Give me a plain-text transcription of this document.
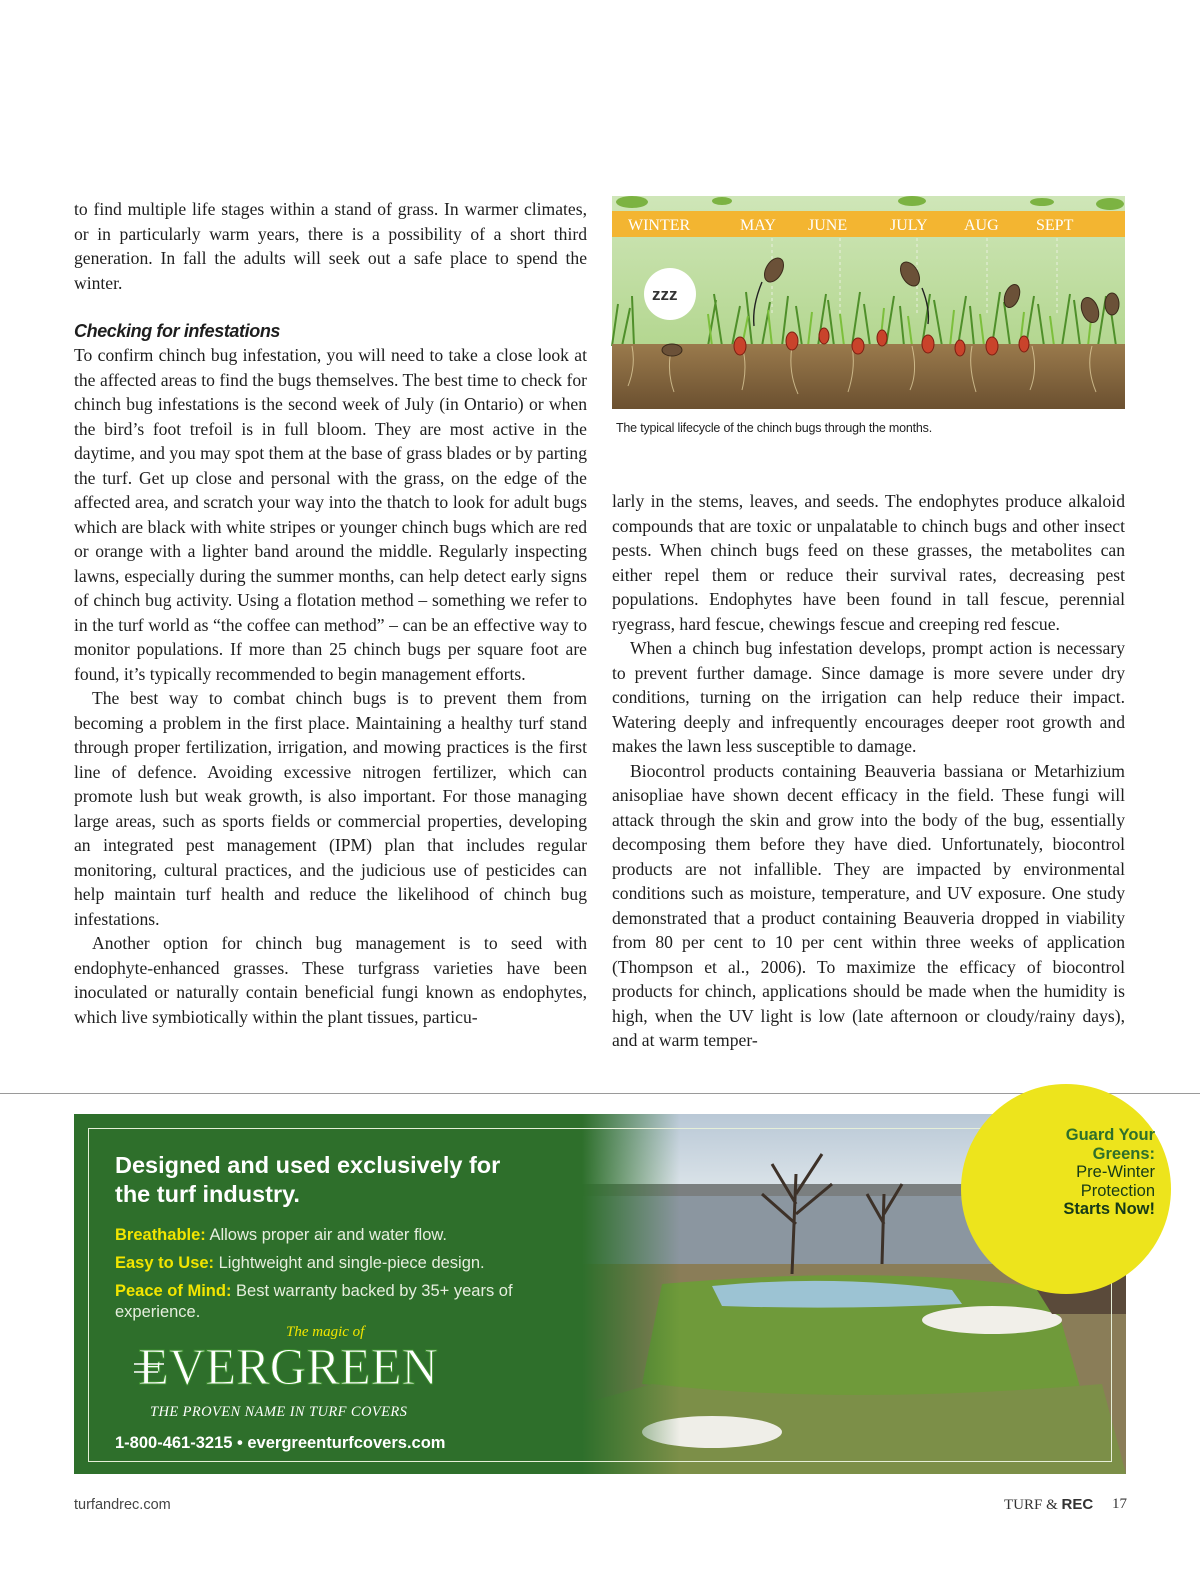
to find multiple life stages within a stand of grass. In warmer climates, or in particularly warm years, there is a possibility of a short third generation. In fall the adults will seek out a safe place to spend the winter.

Checking for infestations

To confirm chinch bug infestation, you will need to take a close look at the affected areas to find the bugs themselves. The best time to check for chinch bug infestations is the second week of July (in Ontario) or when the bird’s foot trefoil is in full bloom. They are most active in the daytime, and you may spot them at the base of grass blades or by parting the turf. Get up close and personal with the grass, on the edge of the affected area, and scratch your way into the thatch to look for adult bugs which are black with white stripes or younger chinch bugs which are red or orange with a lighter band around the middle. Regularly inspecting lawns, especially during the summer months, can help detect early signs of chinch bug activity. Using a flotation method – something we refer to in the turf world as “the coffee can method” – can be an effective way to monitor populations. If more than 25 chinch bugs per square foot are found, it’s typically recommended to begin management efforts.

The best way to combat chinch bugs is to prevent them from becoming a problem in the first place. Maintaining a healthy turf stand through proper fertilization, irrigation, and mowing practices is the first line of defence. Avoiding excessive nitrogen fertilizer, which can promote lush but weak growth, is also important. For those managing large areas, such as sports fields or commercial properties, developing an integrated pest management (IPM) plan that includes regular monitoring, cultural practices, and the judicious use of pesticides can help maintain turf health and reduce the likelihood of chinch bug infestations.

Another option for chinch bug management is to seed with endophyte-enhanced grasses. These turfgrass varieties have been inoculated or naturally contain beneficial fungi known as endophytes, which live symbiotically within the plant tissues, particu-

WINTER	MAY JUNE	JULY AUG SEPT
zzz
The typical lifecycle of the chinch bugs through the months.

larly in the stems, leaves, and seeds. The endophytes produce alkaloid compounds that are toxic or unpalatable to chinch bugs and other insect pests. When chinch bugs feed on these grasses, the metabolites can either repel them or reduce their survival rates, decreasing pest populations. Endophytes have been found in tall fescue, perennial ryegrass, hard fescue, chewings fescue and creeping red fescue.

When a chinch bug infestation develops, prompt action is necessary to prevent further damage. Since damage is more severe under dry conditions, turning on the irrigation can help reduce their impact. Watering deeply and infrequently encourages deeper root growth and makes the lawn less susceptible to damage.

Biocontrol products containing Beauveria bassiana or Metarhizium anisopliae have shown decent efficacy in the field. These fungi will attack through the skin and grow into the body of the bug, essentially decomposing them before they have died. Unfortunately, biocontrol products are not infallible. They are impacted by environmental conditions such as moisture, temperature, and UV exposure. One study demonstrated that a product containing Beauveria dropped in viability from 80 per cent to 10 per cent within three weeks of application (Thompson et al., 2006). To maximize the efficacy of biocontrol products for chinch, applications should be made when the humidity is high, when the UV light is low (late afternoon or cloudy/rainy days), and at warm temper-

Designed and used exclusively for the turf industry.
Breathable: Allows proper air and water flow.
Easy to Use: Lightweight and single-piece design.
Peace of Mind: Best warranty backed by 35+ years of experience.
The magic of
EVERGREEN
THE PROVEN NAME IN TURF COVERS
1-800-461-3215 • evergreenturfcovers.com
Guard Your
Greens:
Pre-Winter
Protection
Starts Now!
turfandrec.com	TURF & REC 17
